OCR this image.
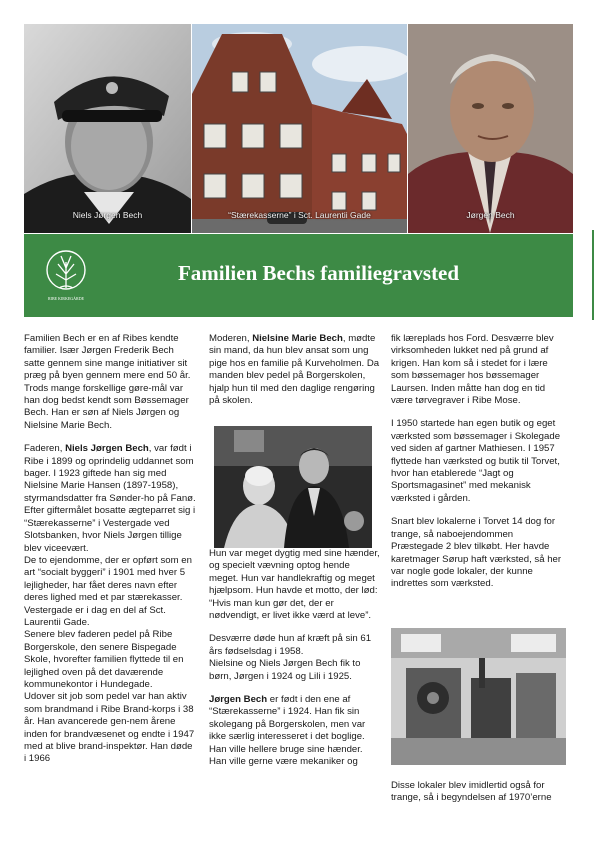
Niels Jørgen Bech	“Stærekasserne” i Sct. Laurentii Gade	Jørgen Bech
RIBE KIRKEGÅRDE
Familien Bechs familiegravsted

Familien Bech er en af Ribes kendte familier. Især Jørgen Frederik Bech satte gennem sine mange initiativer sit præg på byen gennem mere end 50 år. Trods mange forskellige gøre-mål var han dog bedst kendt som Bøssemager Bech. Han er søn af Niels Jørgen og Nielsine Marie Bech.

Faderen, Niels Jørgen Bech, var født i Ribe i 1899 og oprindelig uddannet som bager. I 1923 giftede han sig med Nielsine Marie Hansen (1897-1958), styrmandsdatter fra Sønder-ho på Fanø. Efter giftermålet bosatte ægteparret sig i “Stærekasserne” i Vestergade ved Slotsbanken, hvor Niels Jørgen tillige blev viceevært.

De to ejendomme, der er opført som en art “socialt byggeri” i 1901 med hver 5 lejligheder, har fået deres navn efter deres lighed med et par stærekasser. Vestergade er i dag en del af Sct. Laurentii Gade.

Senere blev faderen pedel på Ribe Borgerskole, den senere Bispegade Skole, hvorefter familien flyttede til en lejlighed oven på det daværende kommunekontor i Hundegade.

Udover sit job som pedel var han aktiv som brandmand i Ribe Brand-korps i 38 år. Han avancerede gen-nem årene inden for brandvæsenet og endte i 1947 med at blive brand-inspektør. Han døde i 1966

Moderen, Nielsine Marie Bech, mødte sin mand, da hun blev ansat som ung pige hos en familie på Kurveholmen. Da manden blev pedel på Borgerskolen, hjalp hun til med den daglige rengøring på skolen.

Hun var meget dygtig med sine hænder, og specielt vævning optog hende meget. Hun var handlekraftig og meget hjælpsom. Hun havde et motto, der lød: “Hvis man kun gør det, der er nødvendigt, er livet ikke værd at leve”.

Desværre døde hun af kræft på sin 61 års fødselsdag i 1958.

Nielsine og Niels Jørgen Bech fik to børn, Jørgen i 1924 og Lili i 1925.

Jørgen Bech er født i den ene af “Stærekasserne” i 1924. Han fik sin skolegang på Borgerskolen, men var ikke særlig interesseret i det boglige. Han ville hellere bruge sine hænder. Han ville gerne være mekaniker og

fik læreplads hos Ford. Desværre blev virksomheden lukket ned på grund af krigen. Han kom så i stedet for i lære som bøssemager hos bøssemager Laursen. Inden måtte han dog en tid være tørvegraver i Ribe Mose.

I 1950 startede han egen butik og eget værksted som bøssemager i Skolegade ved siden af gartner Mathiesen. I 1957 flyttede han værksted og butik til Torvet, hvor han etablerede “Jagt og Sportsmagasinet” med mekanisk værksted i gården.

Snart blev lokalerne i Torvet 14 dog for trange, så naboejendommen Præstegade 2 blev tilkøbt. Her havde karetmager Sørup haft værksted, så her var nogle gode lokaler, der kunne indrettes som værksted.

Disse lokaler blev imidlertid også for trange, så i begyndelsen af 1970’erne
